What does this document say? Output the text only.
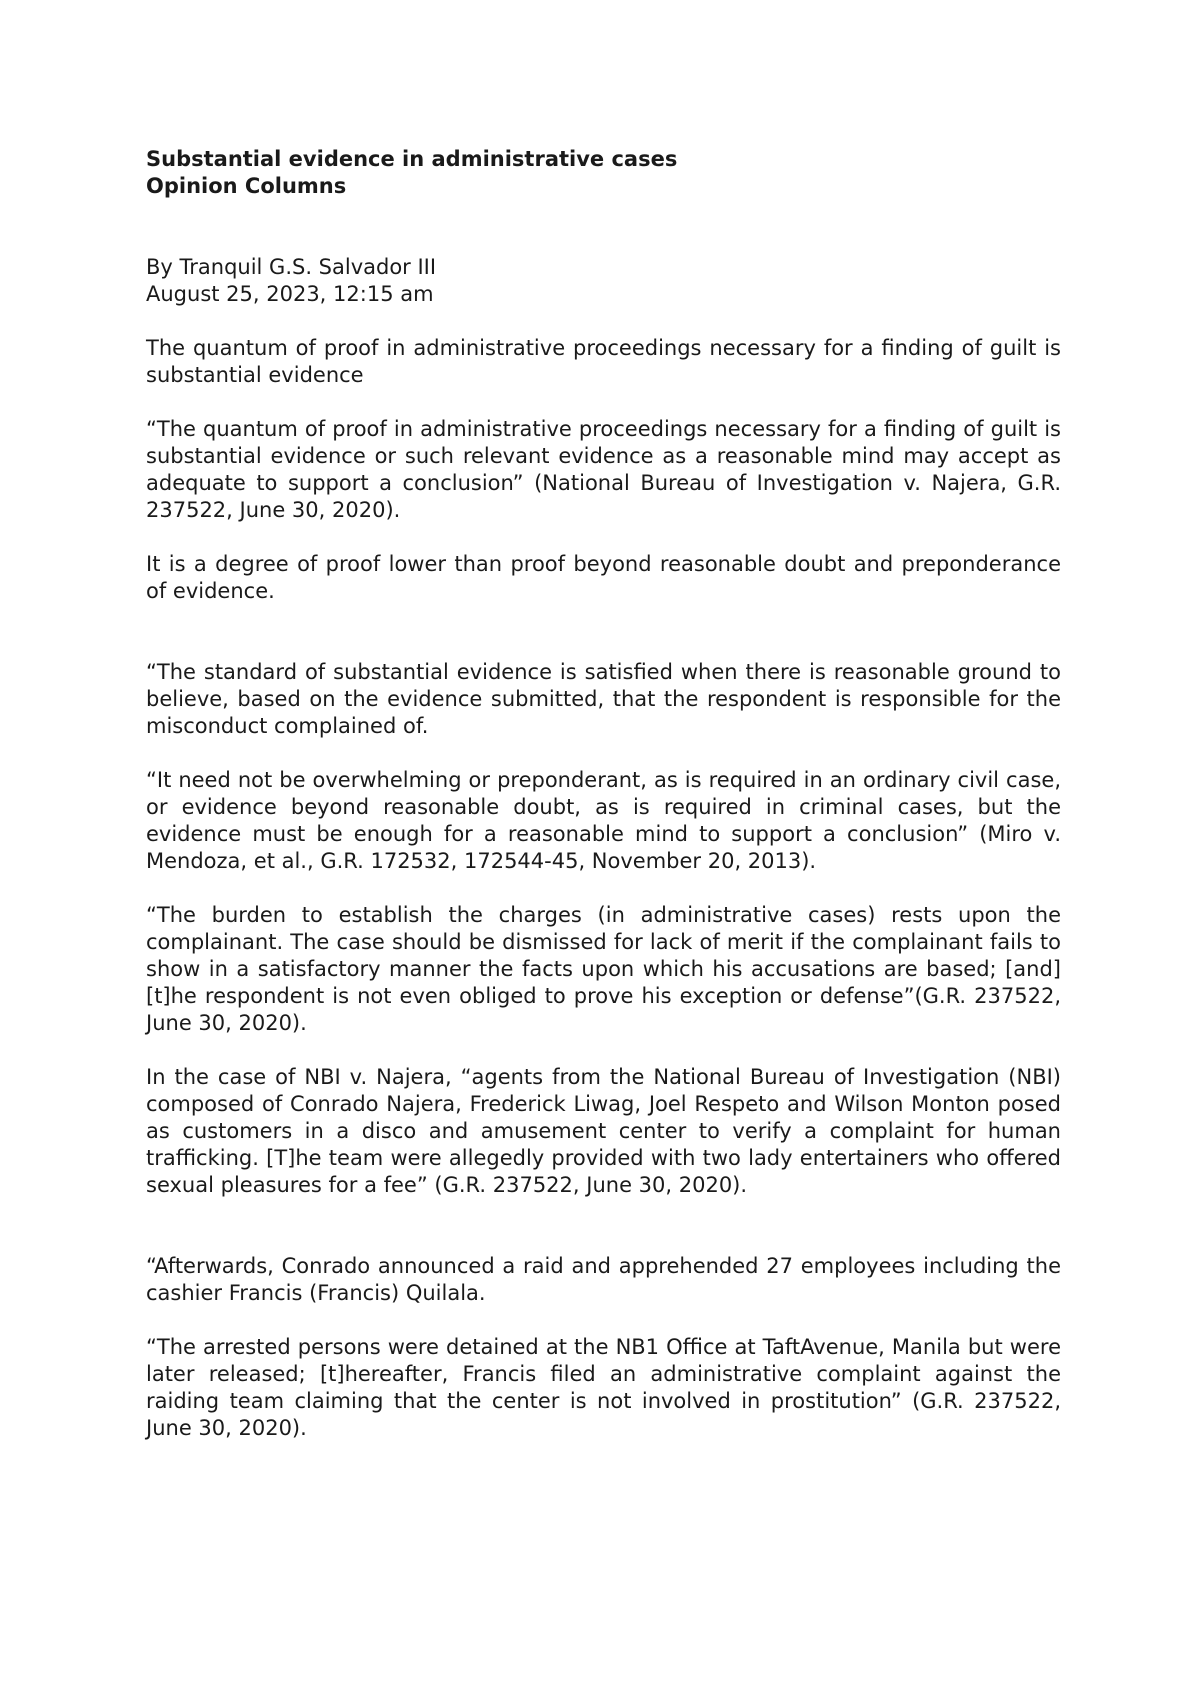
Substantial evidence in administrative cases
Opinion Columns
By Tranquil G.S. Salvador III
August 25, 2023, 12:15 am

The quantum of proof in administrative proceedings necessary for a finding of guilt is substantial evidence

“The quantum of proof in administrative proceedings necessary for a finding of guilt is substantial evidence or such relevant evidence as a reasonable mind may accept as adequate to support a conclusion” (National Bureau of Investigation v. Najera, G.R. 237522, June 30, 2020).

It is a degree of proof lower than proof beyond reasonable doubt and preponderance of evidence.

“The standard of substantial evidence is satisfied when there is reasonable ground to believe, based on the evidence submitted, that the respondent is responsible for the misconduct complained of.

“It need not be overwhelming or preponderant, as is required in an ordinary civil case, or evidence beyond reasonable doubt, as is required in criminal cases, but the evidence must be enough for a reasonable mind to support a conclusion” (Miro v. Mendoza, et al., G.R. 172532, 172544-45, November 20, 2013).

“The burden to establish the charges (in administrative cases) rests upon the complainant. The case should be dismissed for lack of merit if the complainant fails to show in a satisfactory manner the facts upon which his accusations are based; [and] [t]he respondent is not even obliged to prove his exception or defense”(G.R. 237522, June 30, 2020).

In the case of NBI v. Najera, “agents from the National Bureau of Investigation (NBI) composed of Conrado Najera, Frederick Liwag, Joel Respeto and Wilson Monton posed as customers in a disco and amusement center to verify a complaint for human trafficking. [T]he team were allegedly provided with two lady entertainers who offered sexual pleasures for a fee” (G.R. 237522, June 30, 2020).

“Afterwards, Conrado announced a raid and apprehended 27 employees including the cashier Francis (Francis) Quilala.

“The arrested persons were detained at the NB1 Office at TaftAvenue, Manila but were later released; [t]hereafter, Francis filed an administrative complaint against the raiding team claiming that the center is not involved in prostitution” (G.R. 237522, June 30, 2020).
